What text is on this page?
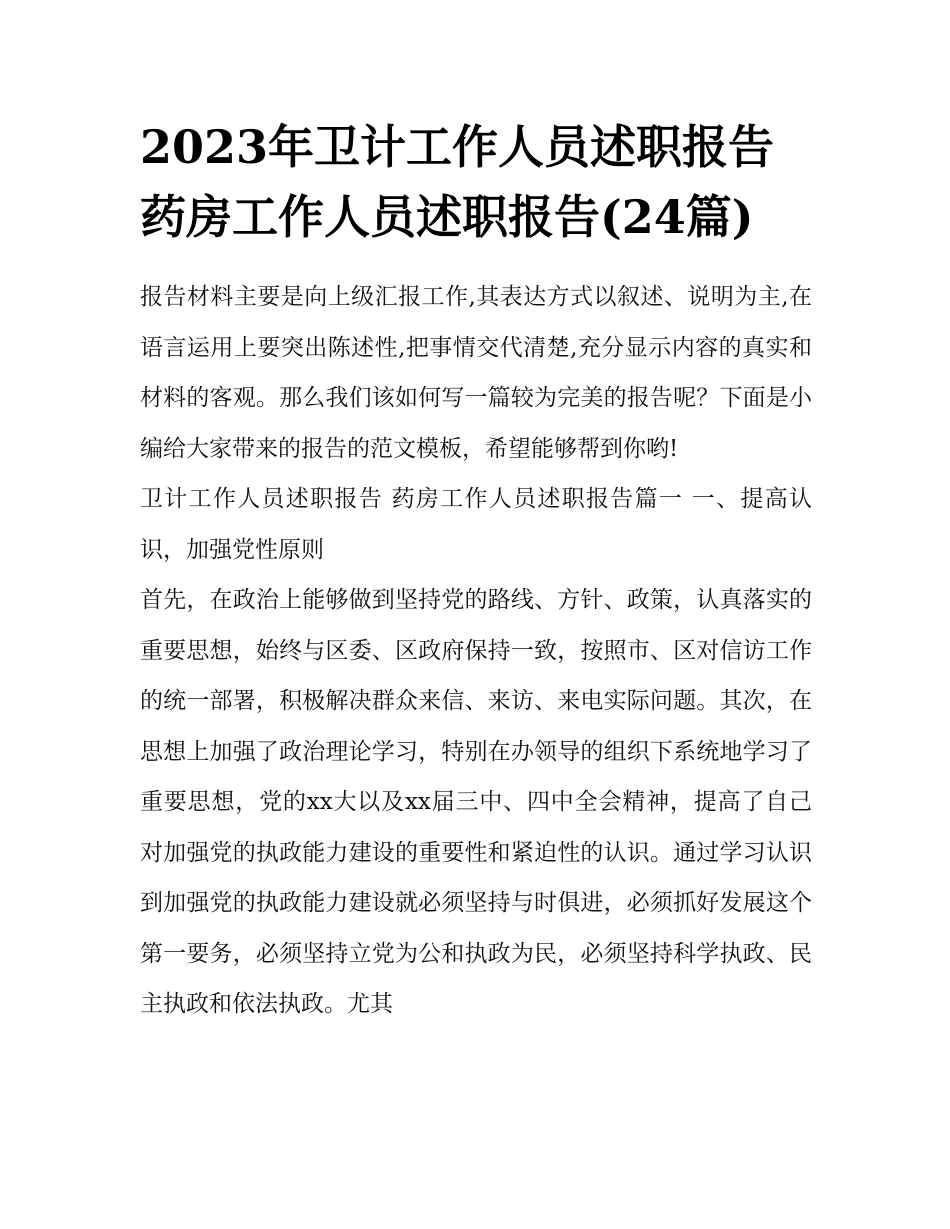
2023年卫计工作人员述职报告
药房工作人员述职报告(24篇)

报告材料主要是向上级汇报工作,其表达方式以叙述、说明为主,在语言运用上要突出陈述性,把事情交代清楚,充分显示内容的真实和材料的客观。那么我们该如何写一篇较为完美的报告呢？下面是小编给大家带来的报告的范文模板，希望能够帮到你哟!

卫计工作人员述职报告 药房工作人员述职报告篇一 一、提高认识，加强党性原则

首先，在政治上能够做到坚持党的路线、方针、政策，认真落实的重要思想，始终与区委、区政府保持一致，按照市、区对信访工作的统一部署，积极解决群众来信、来访、来电实际问题。其次，在思想上加强了政治理论学习，特别在办领导的组织下系统地学习了重要思想，党的xx大以及xx届三中、四中全会精神，提高了自己对加强党的执政能力建设的重要性和紧迫性的认识。通过学习认识到加强党的执政能力建设就必须坚持与时俱进，必须抓好发展这个第一要务，必须坚持立党为公和执政为民，必须坚持科学执政、民主执政和依法执政。尤其
